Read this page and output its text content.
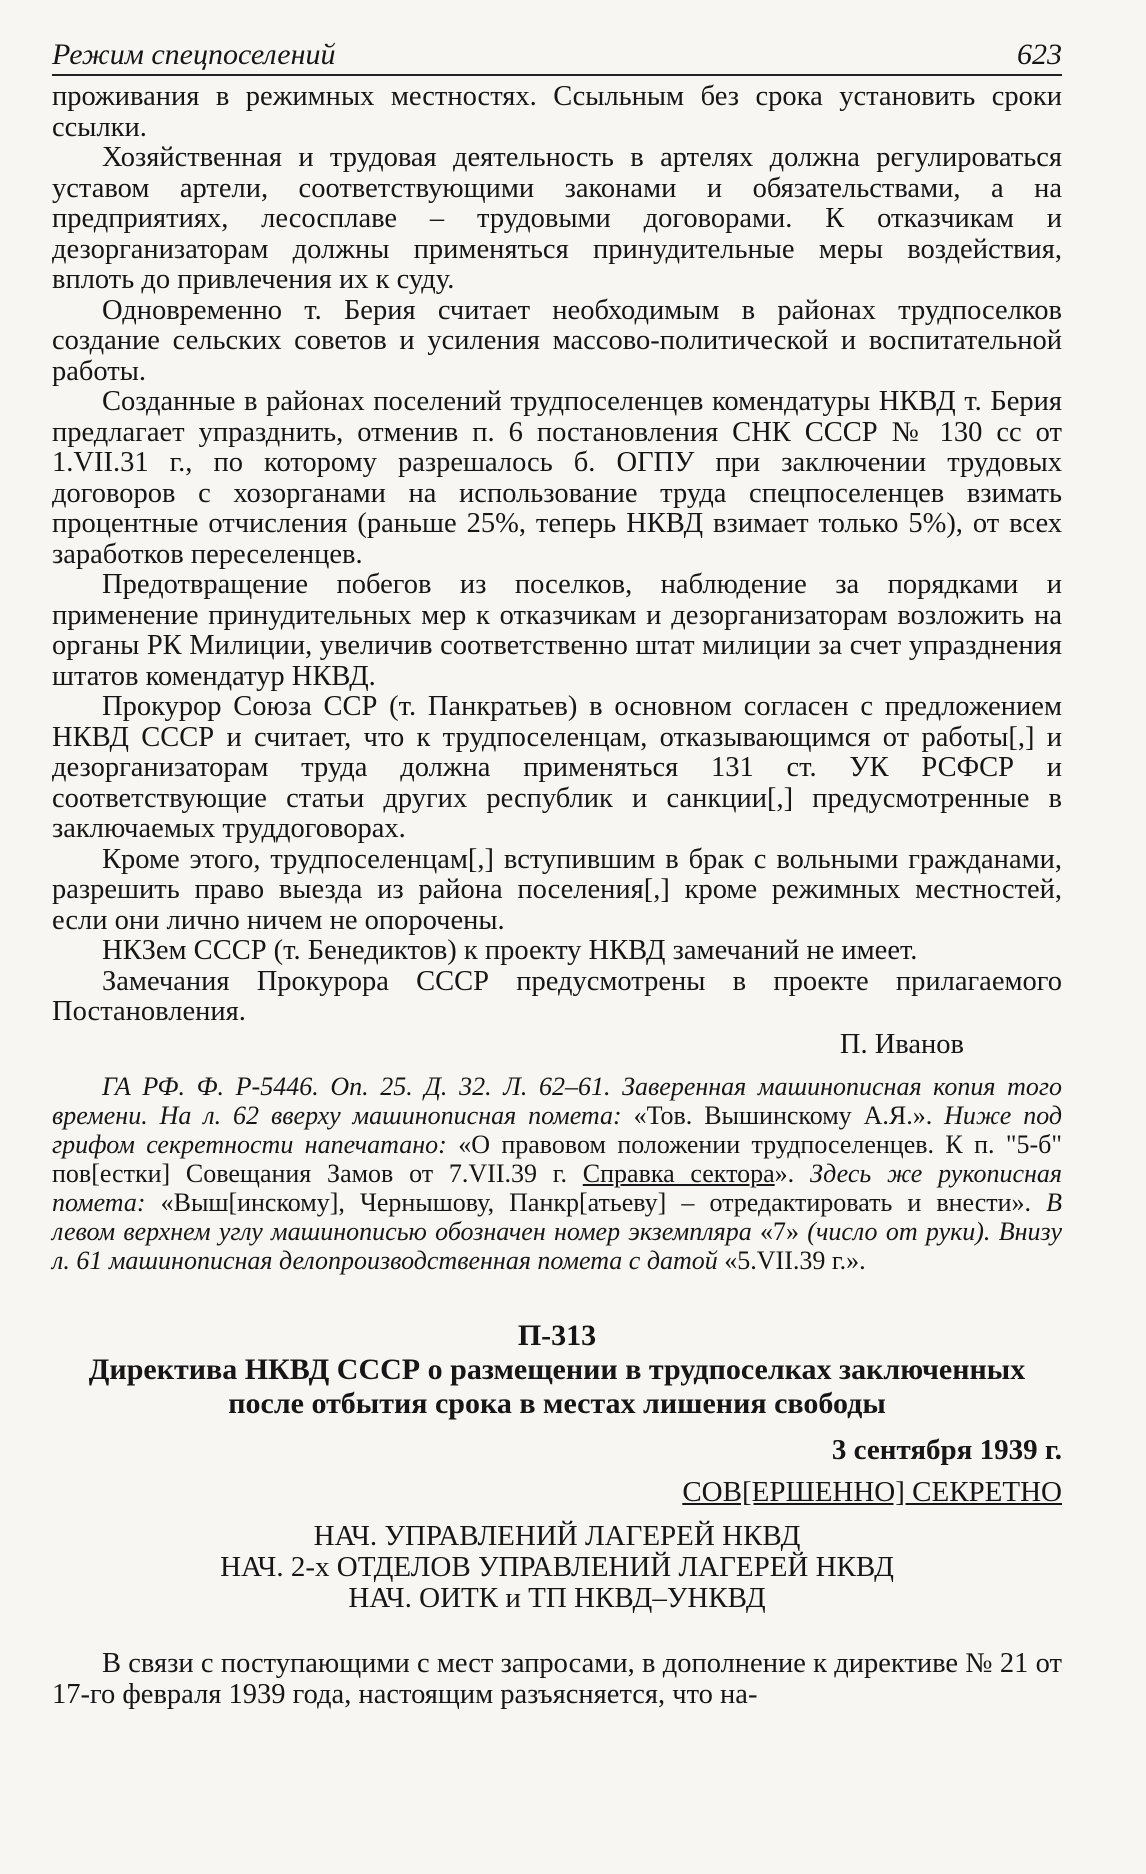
Режим спецпоселений	623

проживания в режимных местностях. Ссыльным без срока установить сроки ссылки.

Хозяйственная и трудовая деятельность в артелях должна регулироваться уставом артели, соответствующими законами и обязательствами, а на предприятиях, лесосплаве – трудовыми договорами. К отказчикам и дезорганизаторам должны применяться принудительные меры воздействия, вплоть до привлечения их к суду.

Одновременно т. Берия считает необходимым в районах трудпоселков создание сельских советов и усиления массово-политической и воспитательной работы.

Созданные в районах поселений трудпоселенцев комендатуры НКВД т. Берия предлагает упразднить, отменив п. 6 постановления СНК СССР № 130 сс от 1.VII.31 г., по которому разрешалось б. ОГПУ при заключении трудовых договоров с хозорганами на использование труда спецпоселенцев взимать процентные отчисления (раньше 25%, теперь НКВД взимает только 5%), от всех заработков переселенцев.

Предотвращение побегов из поселков, наблюдение за порядками и применение принудительных мер к отказчикам и дезорганизаторам возложить на органы РК Милиции, увеличив соответственно штат милиции за счет упразднения штатов комендатур НКВД.

Прокурор Союза ССР (т. Панкратьев) в основном согласен с предложением НКВД СССР и считает, что к трудпоселенцам, отказывающимся от работы[,] и дезорганизаторам труда должна применяться 131 ст. УК РСФСР и соответствующие статьи других республик и санкции[,] предусмотренные в заключаемых труддоговорах.

Кроме этого, трудпоселенцам[,] вступившим в брак с вольными гражданами, разрешить право выезда из района поселения[,] кроме режимных местностей, если они лично ничем не опорочены.

НКЗем СССР (т. Бенедиктов) к проекту НКВД замечаний не имеет.

Замечания Прокурора СССР предусмотрены в проекте прилагаемого Постановления.

П. Иванов

ГА РФ. Ф. Р-5446. Оп. 25. Д. 32. Л. 62–61. Заверенная машинописная копия того времени. На л. 62 вверху машинописная помета: «Тов. Вышинскому А.Я.». Ниже под грифом секретности напечатано: «О правовом положении трудпоселенцев. К п. "5-б" пов[естки] Совещания Замов от 7.VII.39 г. Справка сектора». Здесь же рукописная помета: «Выш[инскому], Чернышову, Панкр[атьеву] – отредактировать и внести». В левом верхнем углу машинописью обозначен номер экземпляра «7» (число от руки). Внизу л. 61 машинописная делопроизводственная помета с датой «5.VII.39 г.».
П-313
Директива НКВД СССР о размещении в трудпоселках заключенных после отбытия срока в местах лишения свободы
3 сентября 1939 г.
СОВ[ЕРШЕННО] СЕКРЕТНО
НАЧ. УПРАВЛЕНИЙ ЛАГЕРЕЙ НКВД
НАЧ. 2-х ОТДЕЛОВ УПРАВЛЕНИЙ ЛАГЕРЕЙ НКВД
НАЧ. ОИТК и ТП НКВД–УНКВД

В связи с поступающими с мест запросами, в дополнение к директиве № 21 от 17-го февраля 1939 года, настоящим разъясняется, что на-
